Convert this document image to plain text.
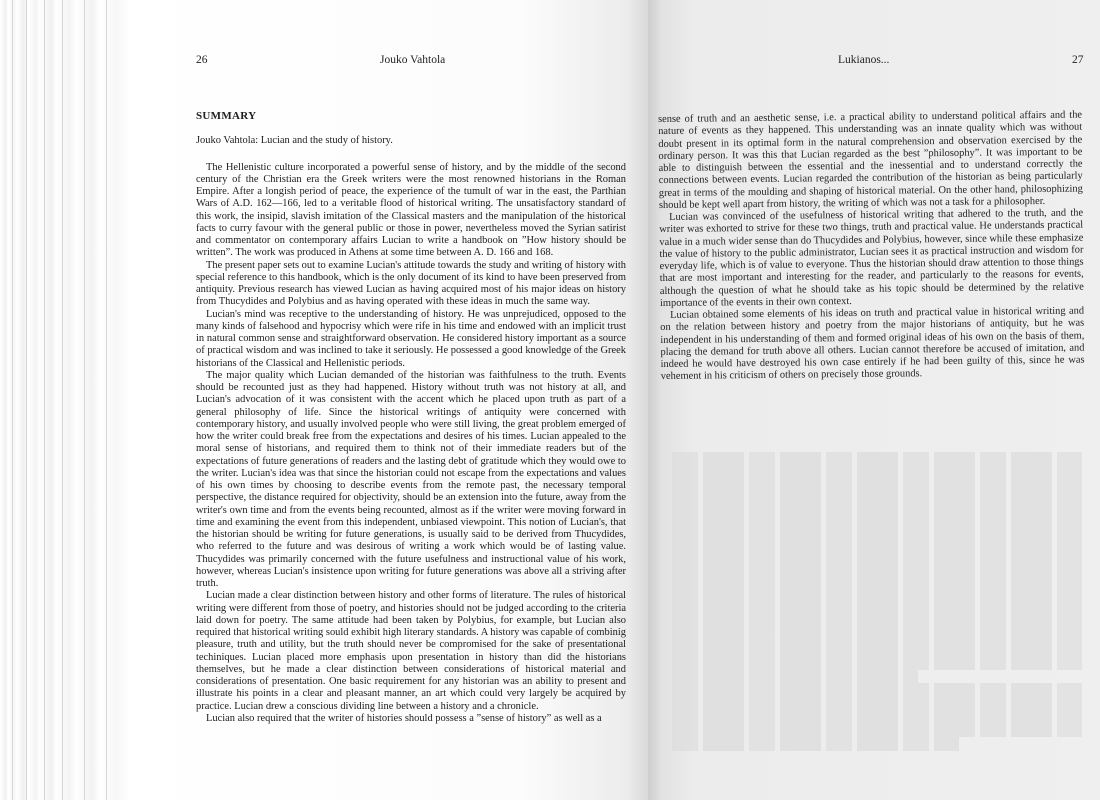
26	Jouko Vahtola	Lukianos...	27
SUMMARY
Jouko Vahtola: Lucian and the study of history.

The Hellenistic culture incorporated a powerful sense of history, and by the middle of the second century of the Christian era the Greek writers were the most renowned historians in the Roman Empire. After a longish period of peace, the experience of the tumult of war in the east, the Parthian Wars of A.D. 162—166, led to a veritable flood of historical writing. The unsatisfactory standard of this work, the insipid, slavish imitation of the Classical masters and the manipulation of the historical facts to curry favour with the general public or those in power, nevertheless moved the Syrian satirist and commentator on contemporary affairs Lucian to write a handbook on ”How history should be written”. The work was produced in Athens at some time between A. D. 166 and 168.

The present paper sets out to examine Lucian's attitude towards the study and writing of history with special reference to this handbook, which is the only document of its kind to have been preserved from antiquity. Previous research has viewed Lucian as having acquired most of his major ideas on history from Thucydides and Polybius and as having operated with these ideas in much the same way.

Lucian's mind was receptive to the understanding of history. He was unprejudiced, opposed to the many kinds of falsehood and hypocrisy which were rife in his time and endowed with an implicit trust in natural common sense and straightforward observation. He considered history important as a source of practical wisdom and was inclined to take it seriously. He possessed a good knowledge of the Greek historians of the Classical and Hellenistic periods.

The major quality which Lucian demanded of the historian was faithfulness to the truth. Events should be recounted just as they had happened. History without truth was not history at all, and Lucian's advocation of it was consistent with the accent which he placed upon truth as part of a general philosophy of life. Since the historical writings of antiquity were concerned with contemporary history, and usually involved people who were still living, the great problem emerged of how the writer could break free from the expectations and desires of his times. Lucian appealed to the moral sense of historians, and required them to think not of their immediate readers but of the expectations of future generations of readers and the lasting debt of gratitude which they would owe to the writer. Lucian's idea was that since the historian could not escape from the expectations and values of his own times by choosing to describe events from the remote past, the necessary temporal perspective, the distance required for objectivity, should be an extension into the future, away from the writer's own time and from the events being recounted, almost as if the writer were moving forward in time and examining the event from this independent, unbiased viewpoint. This notion of Lucian's, that the historian should be writing for future generations, is usually said to be derived from Thucydides, who referred to the future and was desirous of writing a work which would be of lasting value. Thucydides was primarily concerned with the future usefulness and instructional value of his work, however, whereas Lucian's insistence upon writing for future generations was above all a striving after truth.

Lucian made a clear distinction between history and other forms of literature. The rules of historical writing were different from those of poetry, and histories should not be judged according to the criteria laid down for poetry. The same attitude had been taken by Polybius, for example, but Lucian also required that historical writing sould exhibit high literary standards. A history was capable of combinig pleasure, truth and utility, but the truth should never be compromised for the sake of presentational techiniques. Lucian placed more emphasis upon presentation in history than did the historians themselves, but he made a clear distinction between considerations of historical material and considerations of presentation. One basic requirement for any historian was an ability to present and illustrate his points in a clear and pleasant manner, an art which could very largely be acquired by practice. Lucian drew a conscious dividing line between a history and a chronicle.

Lucian also required that the writer of histories should possess a ”sense of history” as well as a

sense of truth and an aesthetic sense, i.e. a practical ability to understand political affairs and the nature of events as they happened. This understanding was an innate quality which was without doubt present in its optimal form in the natural comprehension and observation exercised by the ordinary person. It was this that Lucian regarded as the best ”philosophy”. It was important to be able to distinguish between the essential and the inessential and to understand correctly the connections between events. Lucian regarded the contribution of the historian as being particularly great in terms of the moulding and shaping of historical material. On the other hand, philosophizing should be kept well apart from history, the writing of which was not a task for a philosopher.

Lucian was convinced of the usefulness of historical writing that adhered to the truth, and the writer was exhorted to strive for these two things, truth and practical value. He understands practical value in a much wider sense than do Thucydides and Polybius, however, since while these emphasize the value of history to the public administrator, Lucian sees it as practical instruction and wisdom for everyday life, which is of value to everyone. Thus the historian should draw attention to those things that are most important and interesting for the reader, and particularly to the reasons for events, although the question of what he should take as his topic should be determined by the relative importance of the events in their own context.

Lucian obtained some elements of his ideas on truth and practical value in historical writing and on the relation between history and poetry from the major historians of antiquity, but he was independent in his understanding of them and formed original ideas of his own on the basis of them, placing the demand for truth above all others. Lucian cannot therefore be accused of imitation, and indeed he would have destroyed his own case entirely if he had been guilty of this, since he was vehement in his criticism of others on precisely those grounds.
